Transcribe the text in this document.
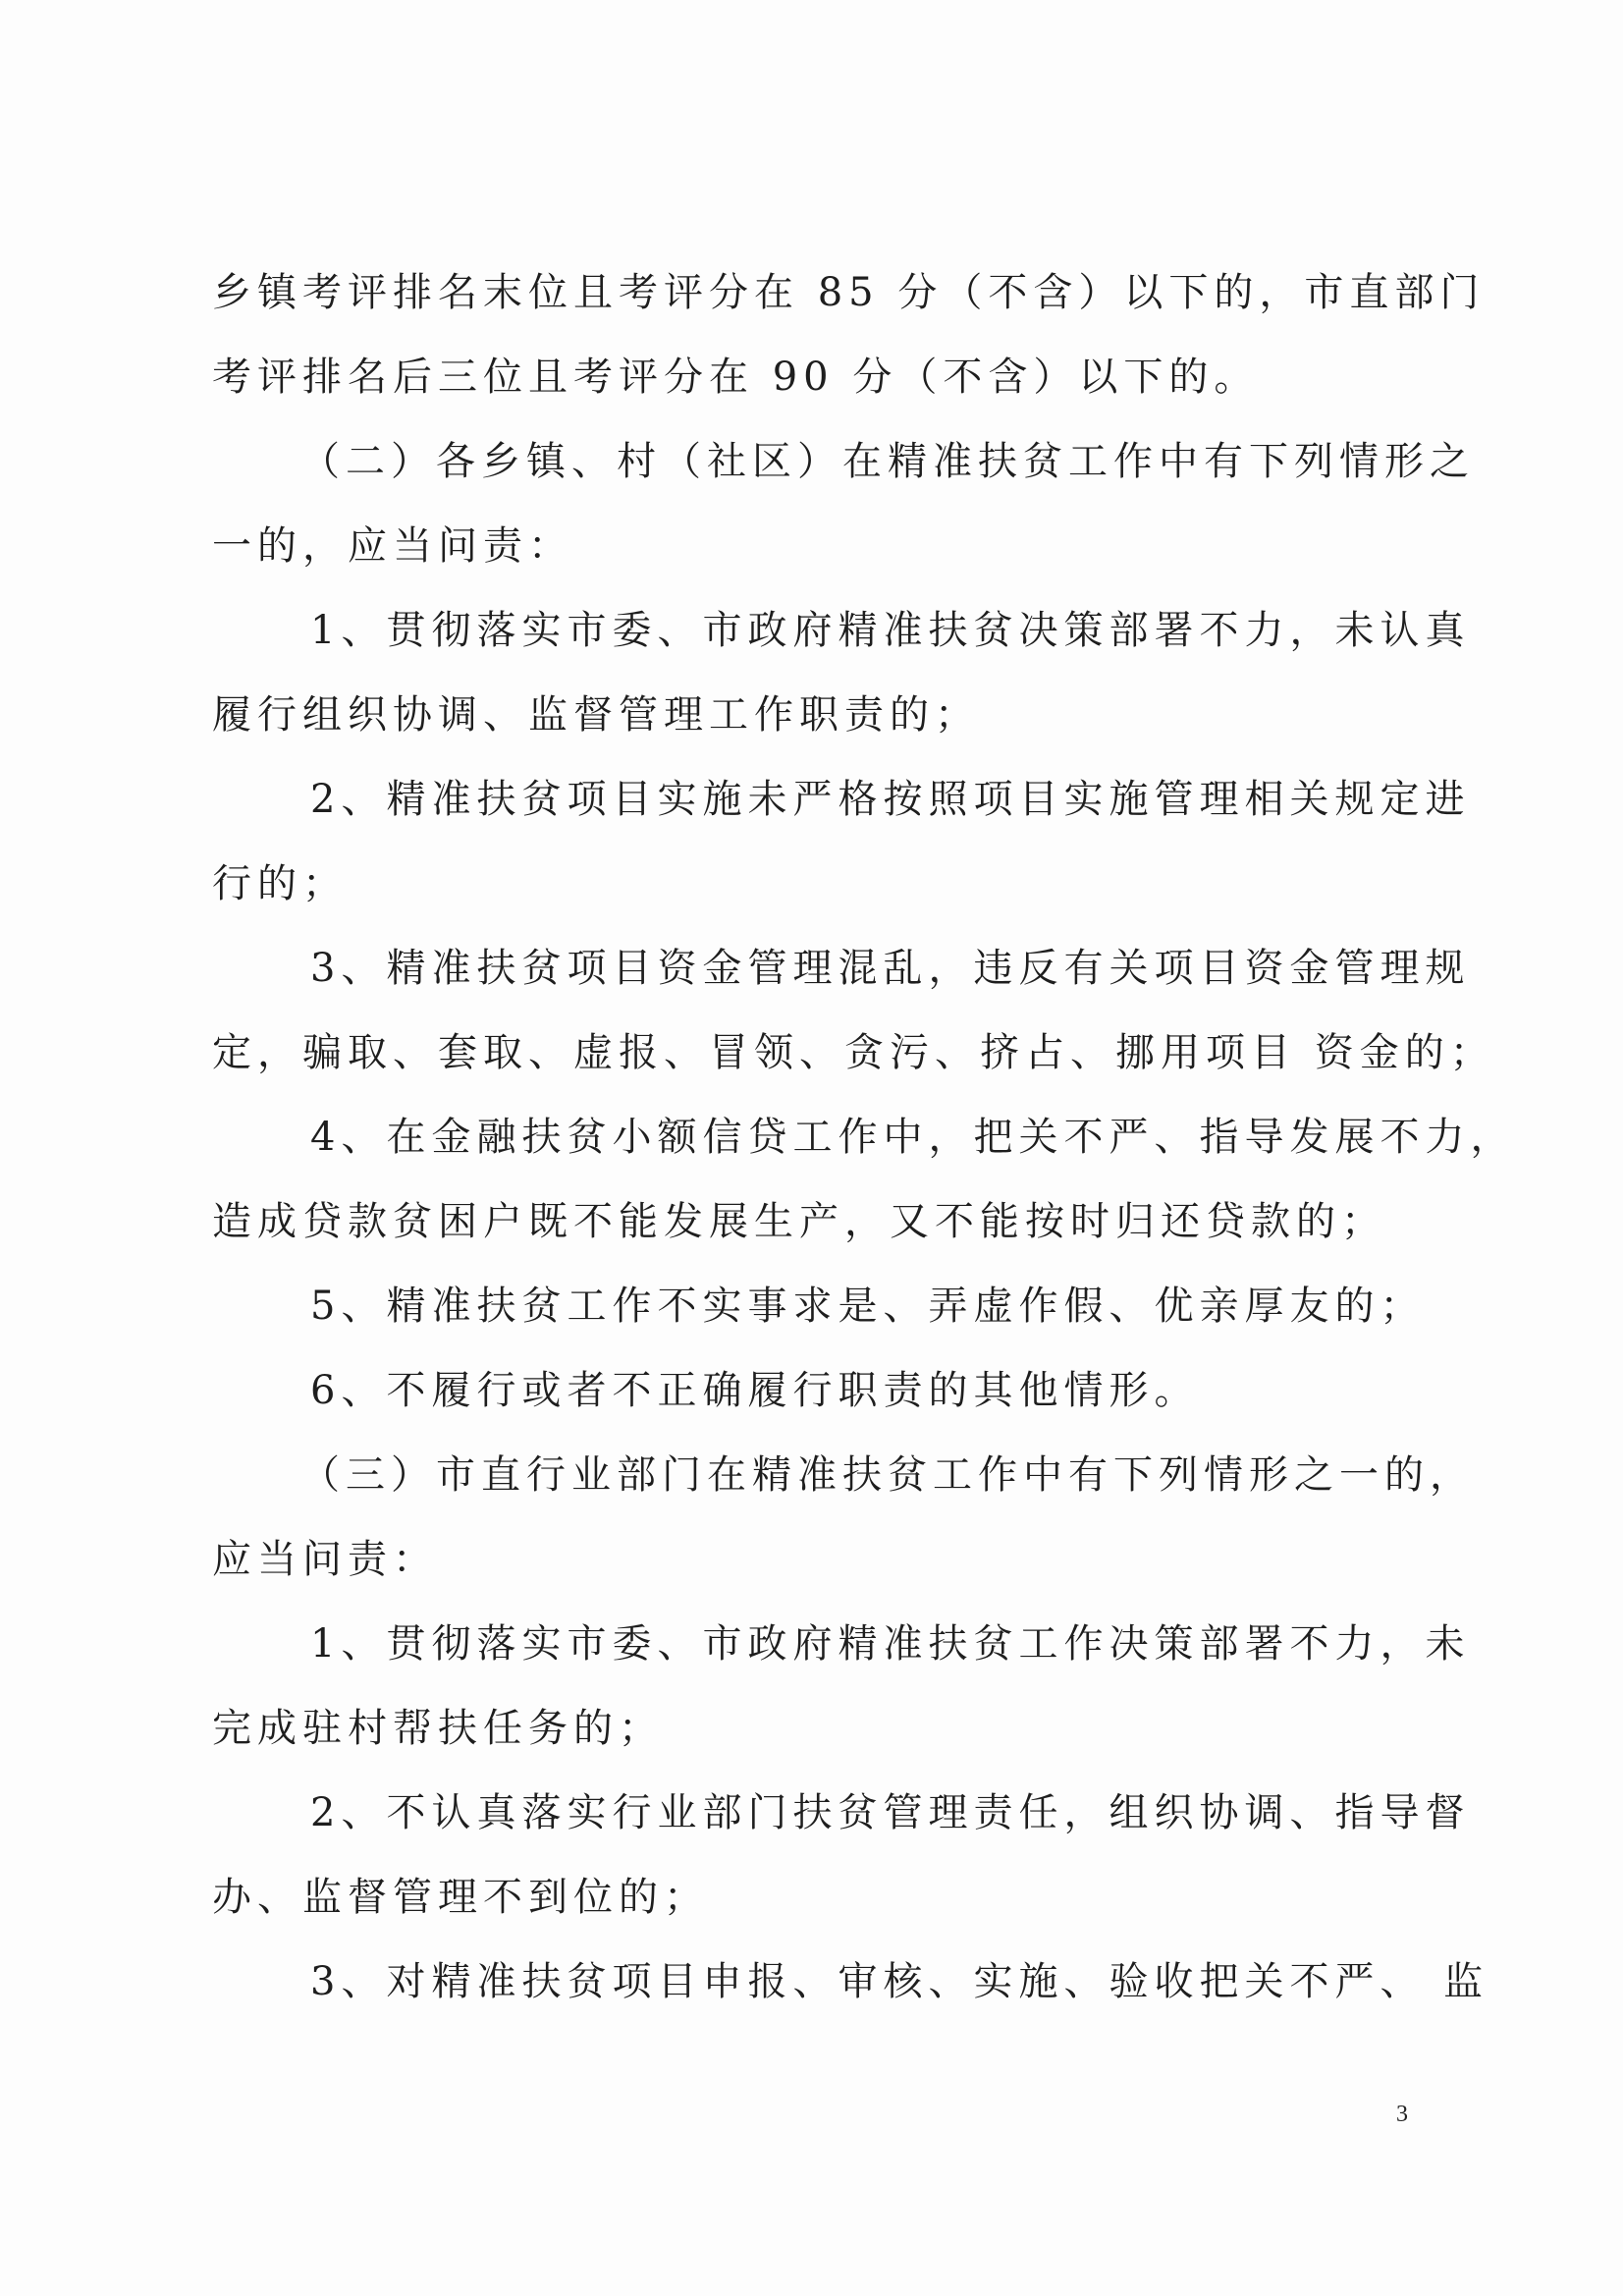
乡镇考评排名末位且考评分在 85 分（不含）以下的，市直部门
考评排名后三位且考评分在 90 分（不含）以下的。
（二）各乡镇、村（社区）在精准扶贫工作中有下列情形之
一的，应当问责：
1、贯彻落实市委、市政府精准扶贫决策部署不力，未认真
履行组织协调、监督管理工作职责的；
2、精准扶贫项目实施未严格按照项目实施管理相关规定进
行的；
3、精准扶贫项目资金管理混乱，违反有关项目资金管理规
定，骗取、套取、虚报、冒领、贪污、挤占、挪用项目 资金的；
4、在金融扶贫小额信贷工作中，把关不严、指导发展不力，
造成贷款贫困户既不能发展生产，又不能按时归还贷款的；
5、精准扶贫工作不实事求是、弄虚作假、优亲厚友的；
6、不履行或者不正确履行职责的其他情形。
（三）市直行业部门在精准扶贫工作中有下列情形之一的，
应当问责：
1、贯彻落实市委、市政府精准扶贫工作决策部署不力，未
完成驻村帮扶任务的；
2、不认真落实行业部门扶贫管理责任，组织协调、指导督
办、监督管理不到位的；
3、对精准扶贫项目申报、审核、实施、验收把关不严、 监
3
